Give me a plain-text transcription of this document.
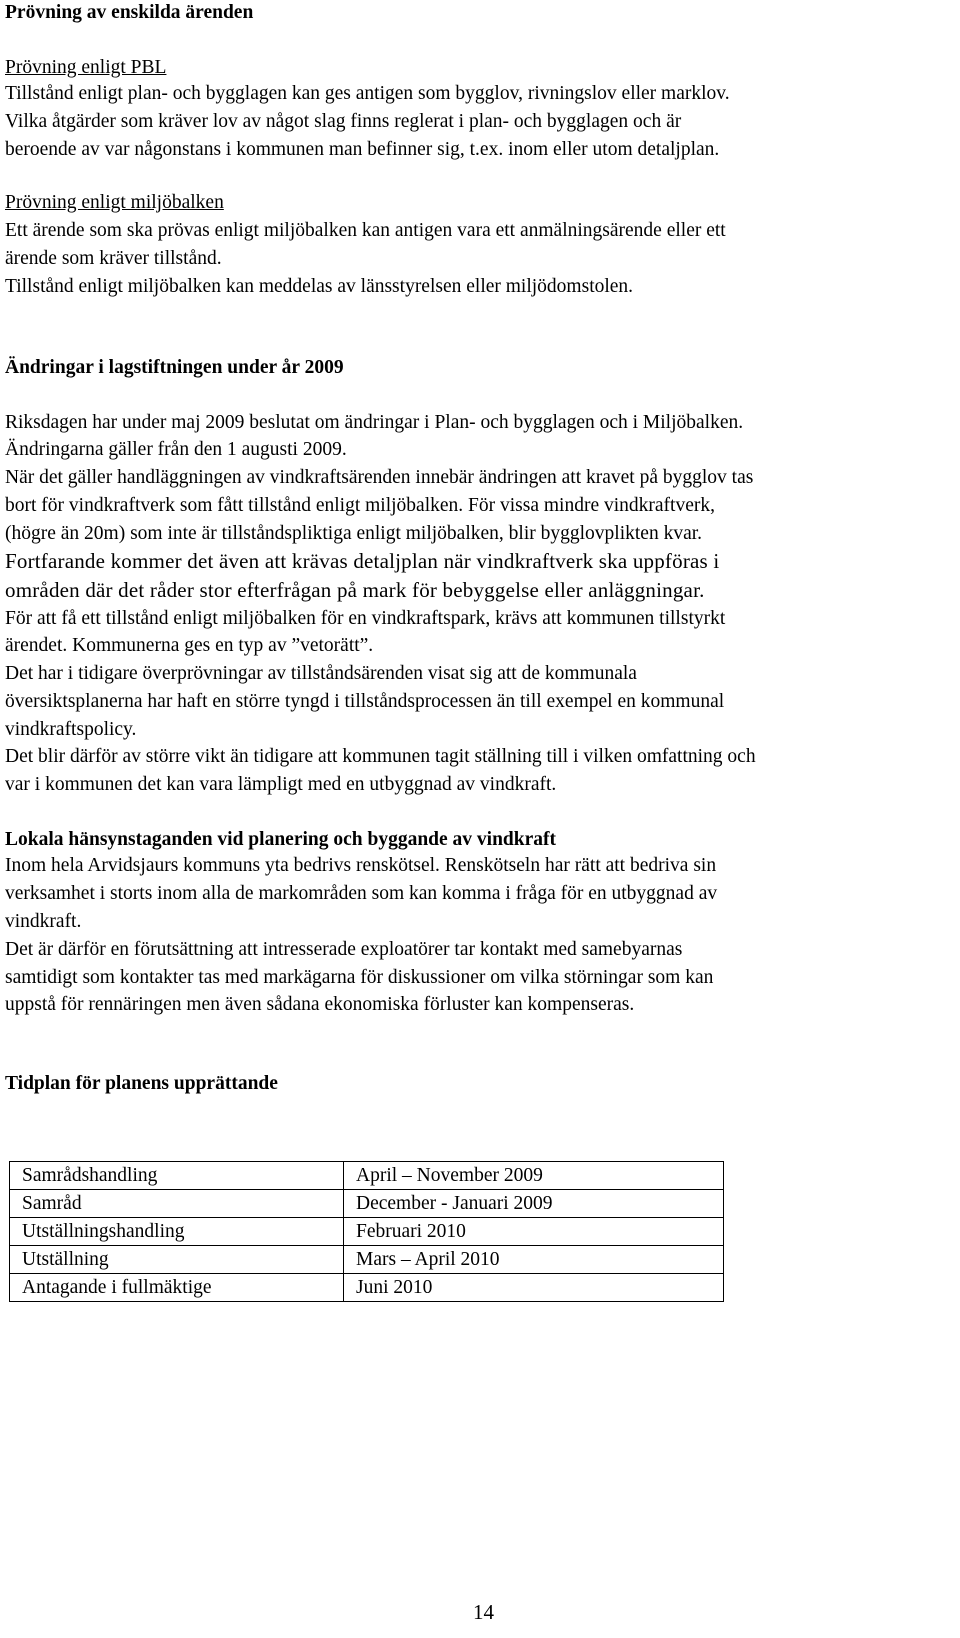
Prövning av enskilda ärenden
Prövning enligt PBL
Tillstånd enligt plan- och bygglagen kan ges antigen som bygglov, rivningslov eller marklov.
Vilka åtgärder som kräver lov av något slag finns reglerat i plan- och bygglagen och är
beroende av var någonstans i kommunen man befinner sig, t.ex. inom eller utom detaljplan.
Prövning enligt miljöbalken
Ett ärende som ska prövas enligt miljöbalken kan antigen vara ett anmälningsärende eller ett
ärende som kräver tillstånd.
Tillstånd enligt miljöbalken kan meddelas av länsstyrelsen eller miljödomstolen.
Ändringar i lagstiftningen under år 2009
Riksdagen har under maj 2009 beslutat om ändringar i Plan- och bygglagen och i Miljöbalken.
Ändringarna gäller från den 1 augusti 2009.
När det gäller handläggningen av vindkraftsärenden innebär ändringen att kravet på bygglov tas
bort för vindkraftverk som fått tillstånd enligt miljöbalken. För vissa mindre vindkraftverk,
(högre än 20m) som inte är tillståndspliktiga enligt miljöbalken, blir bygglovplikten kvar.
Fortfarande kommer det även att krävas detaljplan när vindkraftverk ska uppföras i
områden där det råder stor efterfrågan på mark för bebyggelse eller anläggningar.
För att få ett tillstånd enligt miljöbalken för en vindkraftspark, krävs att kommunen tillstyrkt
ärendet. Kommunerna ges en typ av ”vetorätt”.
Det har i tidigare överprövningar av tillståndsärenden visat sig att de kommunala
översiktsplanerna har haft en större tyngd i tillståndsprocessen än till exempel en kommunal
vindkraftspolicy.
Det blir därför av större vikt än tidigare att kommunen tagit ställning till i vilken omfattning och
var i kommunen det kan vara lämpligt med en utbyggnad av vindkraft.
Lokala hänsynstaganden vid planering och byggande av vindkraft
Inom hela Arvidsjaurs kommuns yta bedrivs renskötsel. Renskötseln har rätt att bedriva sin
verksamhet i storts inom alla de markområden som kan komma i fråga för en utbyggnad av
vindkraft.
Det är därför en förutsättning att intresserade exploatörer tar kontakt med samebyarnas
samtidigt som kontakter tas med markägarna för diskussioner om vilka störningar som kan
uppstå för rennäringen men även sådana ekonomiska förluster kan kompenseras.
Tidplan för planens upprättande
Samrådshandling	April – November 2009
Samråd	December - Januari 2009
Utställningshandling	Februari 2010
Utställning	Mars – April 2010
Antagande i fullmäktige	Juni 2010
14
